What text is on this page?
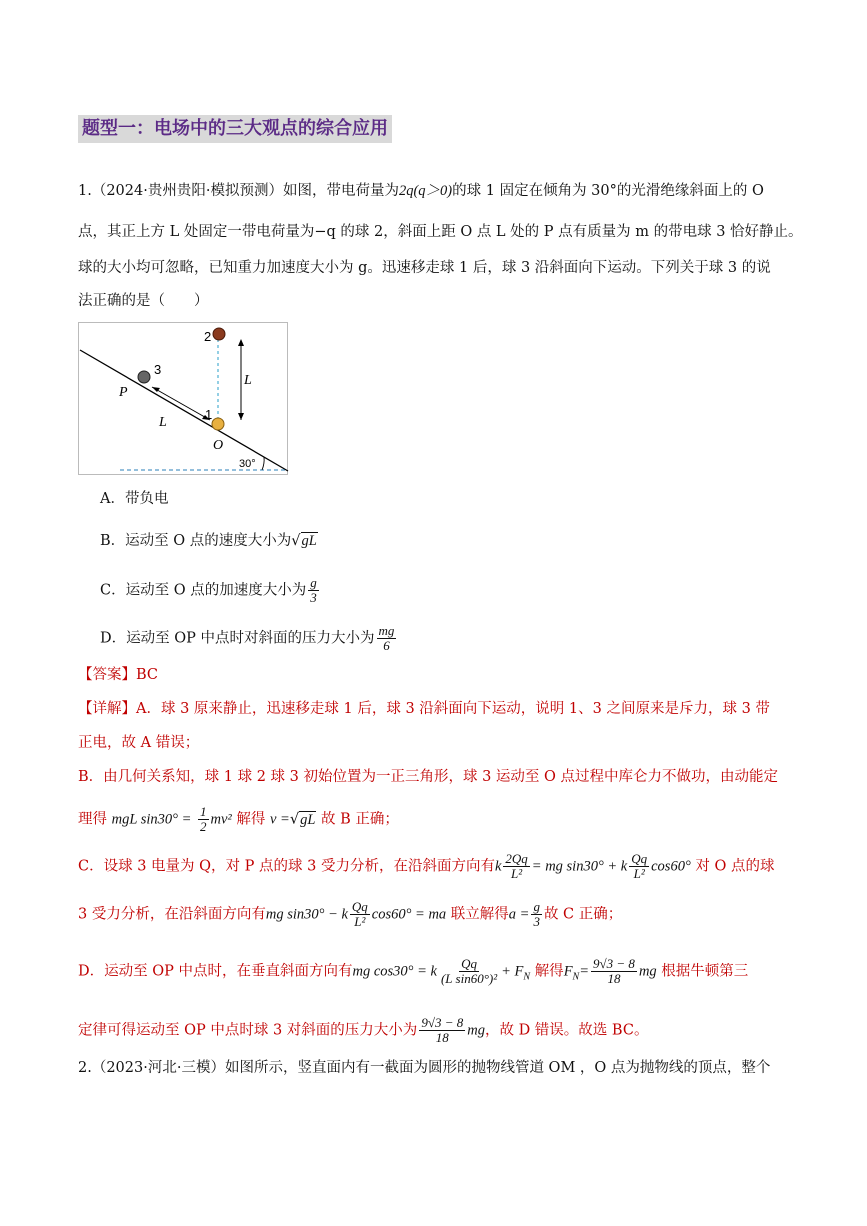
题型一：电场中的三大观点的综合应用
1.（2024·贵州贵阳·模拟预测）如图，带电荷量为2q(q＞0)的球 1 固定在倾角为 30°的光滑绝缘斜面上的 O
点，其正上方 L 处固定一带电荷量为−q 的球 2，斜面上距 O 点 L 处的 P 点有质量为 m 的带电球 3 恰好静止。
球的大小均可忽略，已知重力加速度大小为 g。迅速移走球 1 后，球 3 沿斜面向下运动。下列关于球 3 的说
法正确的是（　　）
2
3
1
P
O
L
L
30°
A．带负电
B．运动至 O 点的速度大小为√gL
C．运动至 O 点的加速度大小为 $\frac{g}{3}$
D．运动至 OP 中点时对斜面的压力大小为 $\frac{mg}{6}$
【答案】BC
【详解】A．球 3 原来静止，迅速移走球 1 后，球 3 沿斜面向下运动，说明 1、3 之间原来是斥力，球 3 带
正电，故 A 错误；
B．由几何关系知，球 1 球 2 球 3 初始位置为一正三角形，球 3 运动至 O 点过程中库仑力不做功，由动能定
理得 mgL $\sin 30^\circ = \frac{1}{2} mv^2$ 解得 v =√gL 故 B 正确；
C．设球 3 电量为 Q，对 P 点的球 3 受力分析，在沿斜面方向有k $\frac{2Qq}{\text{L²}}$ = mg sin30° + k $\frac{Qq}{\text{L²}} \cos 60^\circ$ 对 O 点的球
3 受力分析，在沿斜面方向有mg sin30° − k $\frac{Qq}{\text{L²}} \cos 60^\circ$ = ma 联立解得$a = \frac{g}{3}$ 故 C 正确；
D．运动至 OP 中点时，在垂直斜面方向有mg cos30° = k $\frac{Qq}{\text{(L sin60°)²}} + F_N$ 解得$F_N= \frac{9√3 - 8}{18}$ mg 根据牛顿第三
定律可得运动至 OP 中点时球 3 对斜面的压力大小为 $\frac{9√3 - 8}{18}$ mg，故 D 错误。故选 BC。
2.（2023·河北·三模）如图所示，竖直面内有一截面为圆形的抛物线管道 OM ，O 点为抛物线的顶点，整个
